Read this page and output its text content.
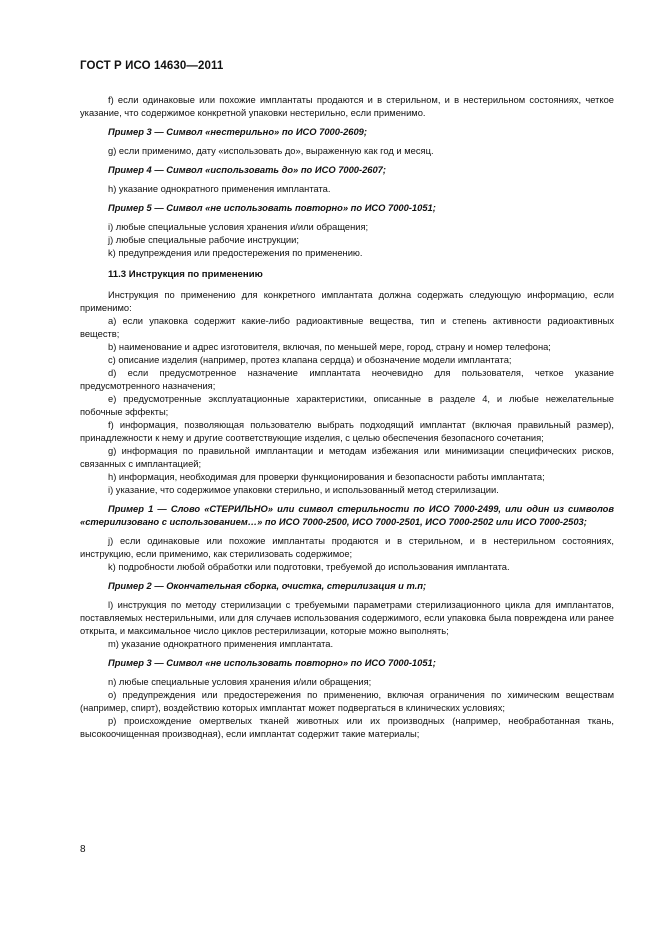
ГОСТ Р ИСО 14630—2011

f) если одинаковые или похожие имплантаты продаются и в стерильном, и в нестерильном состояниях, четкое указание, что содержимое конкретной упаковки нестерильно, если применимо.

Пример 3 — Символ «нестерильно» по ИСО 7000-2609;

g) если применимо, дату «использовать до», выраженную как год и месяц.

Пример 4 — Символ «использовать до» по ИСО 7000-2607;

h) указание однократного применения имплантата.

Пример 5 — Символ «не использовать повторно» по ИСО 7000-1051;

i) любые специальные условия хранения и/или обращения;

j) любые специальные рабочие инструкции;

k) предупреждения или предостережения по применению.

11.3 Инструкция по применению

Инструкция по применению для конкретного имплантата должна содержать следующую информацию, если применимо:

a) если упаковка содержит какие-либо радиоактивные вещества, тип и степень активности радиоактивных веществ;

b) наименование и адрес изготовителя, включая, по меньшей мере, город, страну и номер телефона;

c) описание изделия (например, протез клапана сердца) и обозначение модели имплантата;

d) если предусмотренное назначение имплантата неочевидно для пользователя, четкое указание предусмотренного назначения;

e) предусмотренные эксплуатационные характеристики, описанные в разделе 4, и любые нежелательные побочные эффекты;

f) информация, позволяющая пользователю выбрать подходящий имплантат (включая правильный размер), принадлежности к нему и другие соответствующие изделия, с целью обеспечения безопасного сочетания;

g) информация по правильной имплантации и методам избежания или минимизации специфических рисков, связанных с имплантацией;

h) информация, необходимая для проверки функционирования и безопасности работы имплантата;

i) указание, что содержимое упаковки стерильно, и использованный метод стерилизации.

Пример 1 — Слово «СТЕРИЛЬНО» или символ стерильности по ИСО 7000-2499, или один из символов «стерилизовано с использованием…» по ИСО 7000-2500, ИСО 7000-2501, ИСО 7000-2502 или ИСО 7000-2503;

j) если одинаковые или похожие имплантаты продаются и в стерильном, и в нестерильном состояниях, инструкцию, если применимо, как стерилизовать содержимое;

k) подробности любой обработки или подготовки, требуемой до использования имплантата.

Пример 2 — Окончательная сборка, очистка, стерилизация и т.п;

l) инструкция по методу стерилизации с требуемыми параметрами стерилизационного цикла для имплантатов, поставляемых нестерильными, или для случаев использования содержимого, если упаковка была повреждена или ранее открыта, и максимальное число циклов рестерилизации, которые можно выполнять;

m) указание однократного применения имплантата.

Пример 3 — Символ «не использовать повторно» по ИСО 7000-1051;

n) любые специальные условия хранения и/или обращения;

o) предупреждения или предостережения по применению, включая ограничения по химическим веществам (например, спирт), воздействию которых имплантат может подвергаться в клинических условиях;

p) происхождение омертвелых тканей животных или их производных (например, необработанная ткань, высокоочищенная производная), если имплантат содержит такие материалы;

8
